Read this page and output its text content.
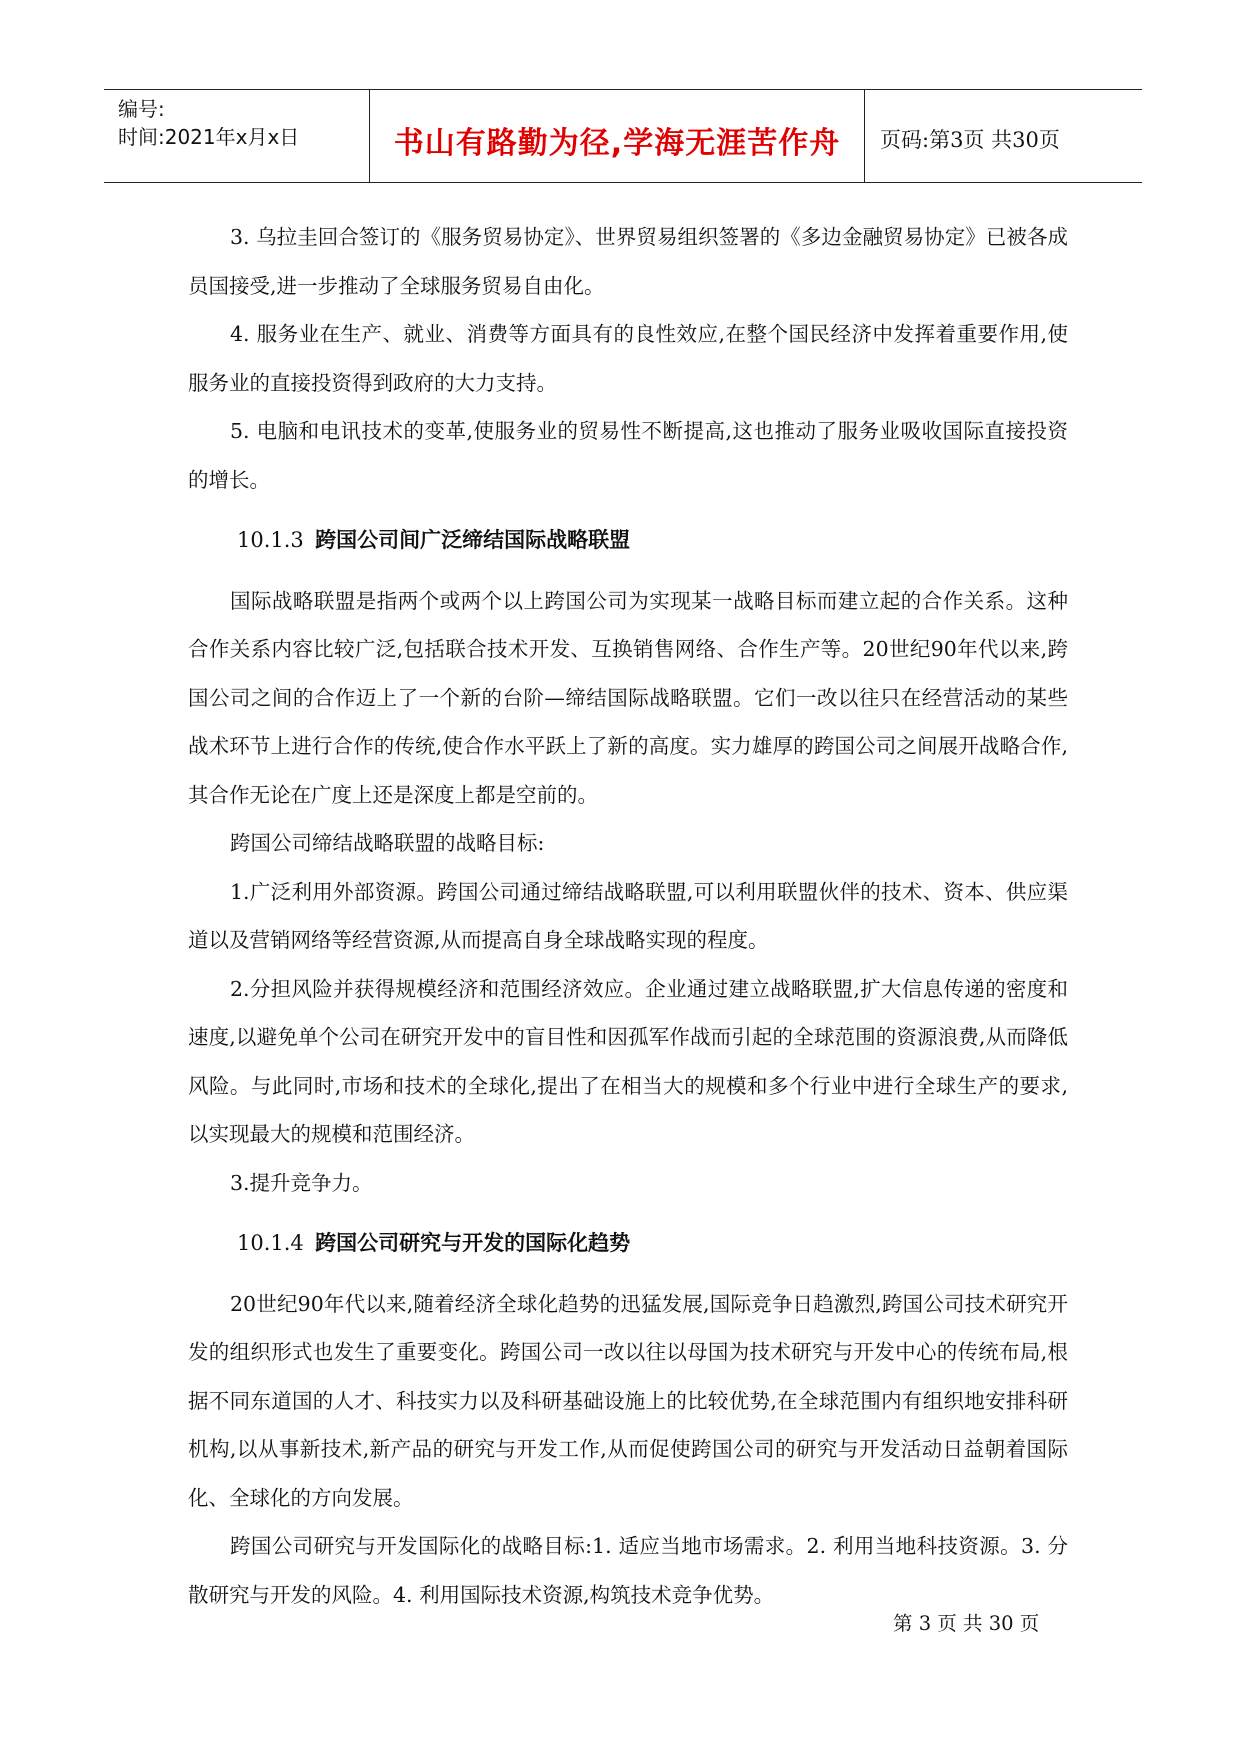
编号:
时间:2021年x月x日	书山有路勤为径,学海无涯苦作舟	页码:第3页 共30页

3. 乌拉圭回合签订的《服务贸易协定》、世界贸易组织签署的《多边金融贸易协定》已被各成员国接受,进一步推动了全球服务贸易自由化。

4. 服务业在生产、就业、消费等方面具有的良性效应,在整个国民经济中发挥着重要作用,使服务业的直接投资得到政府的大力支持。

5. 电脑和电讯技术的变革,使服务业的贸易性不断提高,这也推动了服务业吸收国际直接投资的增长。

10.1.3 跨国公司间广泛缔结国际战略联盟

国际战略联盟是指两个或两个以上跨国公司为实现某一战略目标而建立起的合作关系。这种合作关系内容比较广泛,包括联合技术开发、互换销售网络、合作生产等。20世纪90年代以来,跨国公司之间的合作迈上了一个新的台阶—缔结国际战略联盟。它们一改以往只在经营活动的某些战术环节上进行合作的传统,使合作水平跃上了新的高度。实力雄厚的跨国公司之间展开战略合作,其合作无论在广度上还是深度上都是空前的。

跨国公司缔结战略联盟的战略目标:

1.广泛利用外部资源。跨国公司通过缔结战略联盟,可以利用联盟伙伴的技术、资本、供应渠道以及营销网络等经营资源,从而提高自身全球战略实现的程度。

2.分担风险并获得规模经济和范围经济效应。企业通过建立战略联盟,扩大信息传递的密度和速度,以避免单个公司在研究开发中的盲目性和因孤军作战而引起的全球范围的资源浪费,从而降低风险。与此同时,市场和技术的全球化,提出了在相当大的规模和多个行业中进行全球生产的要求,以实现最大的规模和范围经济。

3.提升竞争力。

10.1.4 跨国公司研究与开发的国际化趋势

20世纪90年代以来,随着经济全球化趋势的迅猛发展,国际竞争日趋激烈,跨国公司技术研究开发的组织形式也发生了重要变化。跨国公司一改以往以母国为技术研究与开发中心的传统布局,根据不同东道国的人才、科技实力以及科研基础设施上的比较优势,在全球范围内有组织地安排科研机构,以从事新技术,新产品的研究与开发工作,从而促使跨国公司的研究与开发活动日益朝着国际化、全球化的方向发展。

跨国公司研究与开发国际化的战略目标:1. 适应当地市场需求。2. 利用当地科技资源。3. 分散研究与开发的风险。4. 利用国际技术资源,构筑技术竞争优势。

第 3 页 共 30 页
